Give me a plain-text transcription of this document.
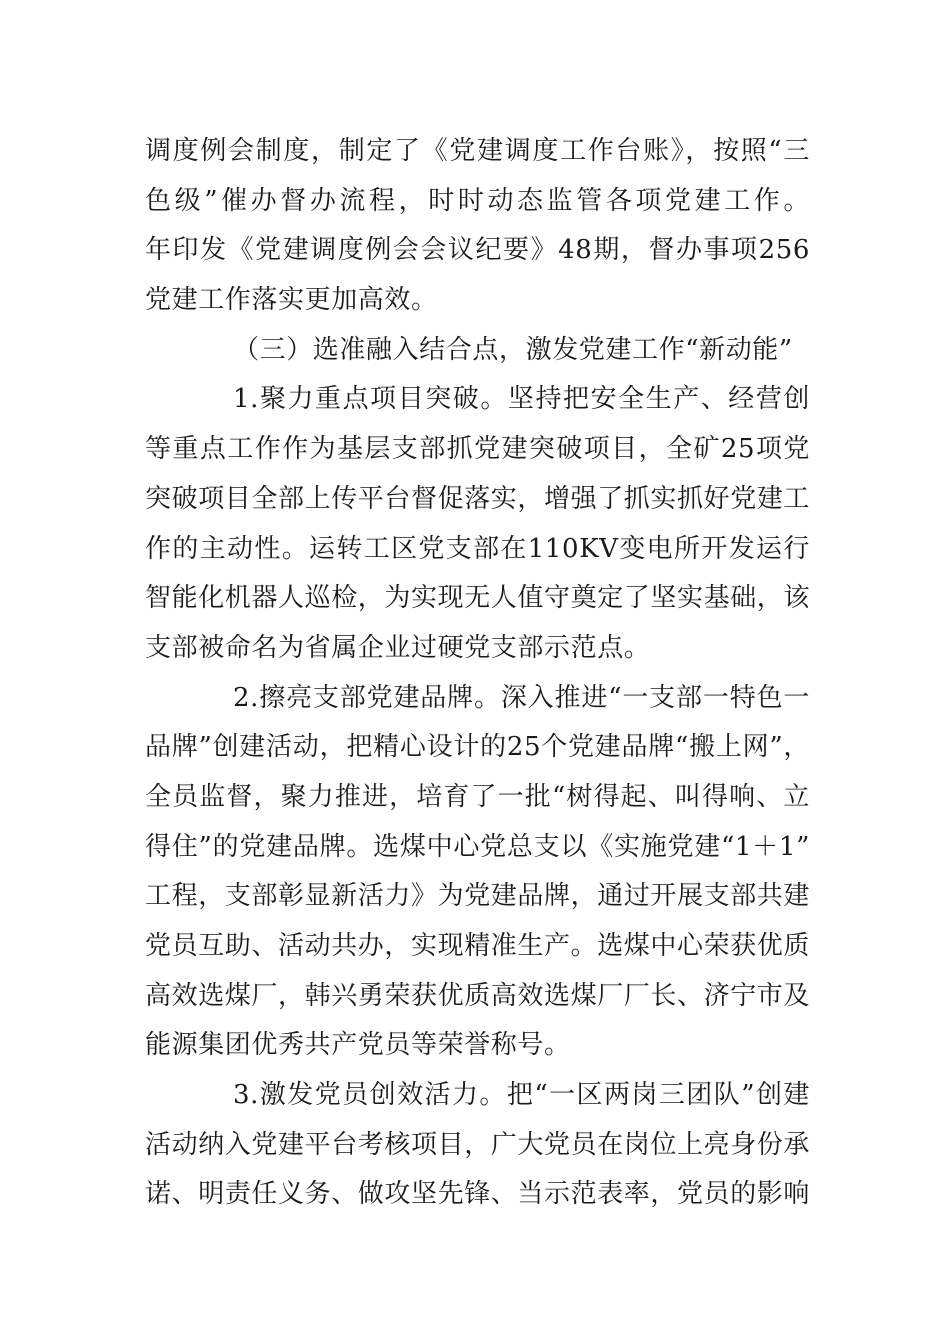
调度例会制度，制定了《党建调度工作台账》，按照“三
色级”催办督办流程，时时动态监管各项党建工作。
年印发《党建调度例会会议纪要》48期，督办事项256
党建工作落实更加高效。
（三）选准融入结合点，激发党建工作“新动能”
1.聚力重点项目突破。坚持把安全生产、经营创
等重点工作作为基层支部抓党建突破项目，全矿25项党
突破项目全部上传平台督促落实，增强了抓实抓好党建工
作的主动性。运转工区党支部在110KV变电所开发运行
智能化机器人巡检，为实现无人值守奠定了坚实基础，该
支部被命名为省属企业过硬党支部示范点。
2.擦亮支部党建品牌。深入推进“一支部一特色一
品牌”创建活动，把精心设计的25个党建品牌“搬上网”，
全员监督，聚力推进，培育了一批“树得起、叫得响、立
得住”的党建品牌。选煤中心党总支以《实施党建“1＋1”
工程，支部彰显新活力》为党建品牌，通过开展支部共建
党员互助、活动共办，实现精准生产。选煤中心荣获优质
高效选煤厂，韩兴勇荣获优质高效选煤厂厂长、济宁市及
能源集团优秀共产党员等荣誉称号。
3.激发党员创效活力。把“一区两岗三团队”创建
活动纳入党建平台考核项目，广大党员在岗位上亮身份承
诺、明责任义务、做攻坚先锋、当示范表率，党员的影响
